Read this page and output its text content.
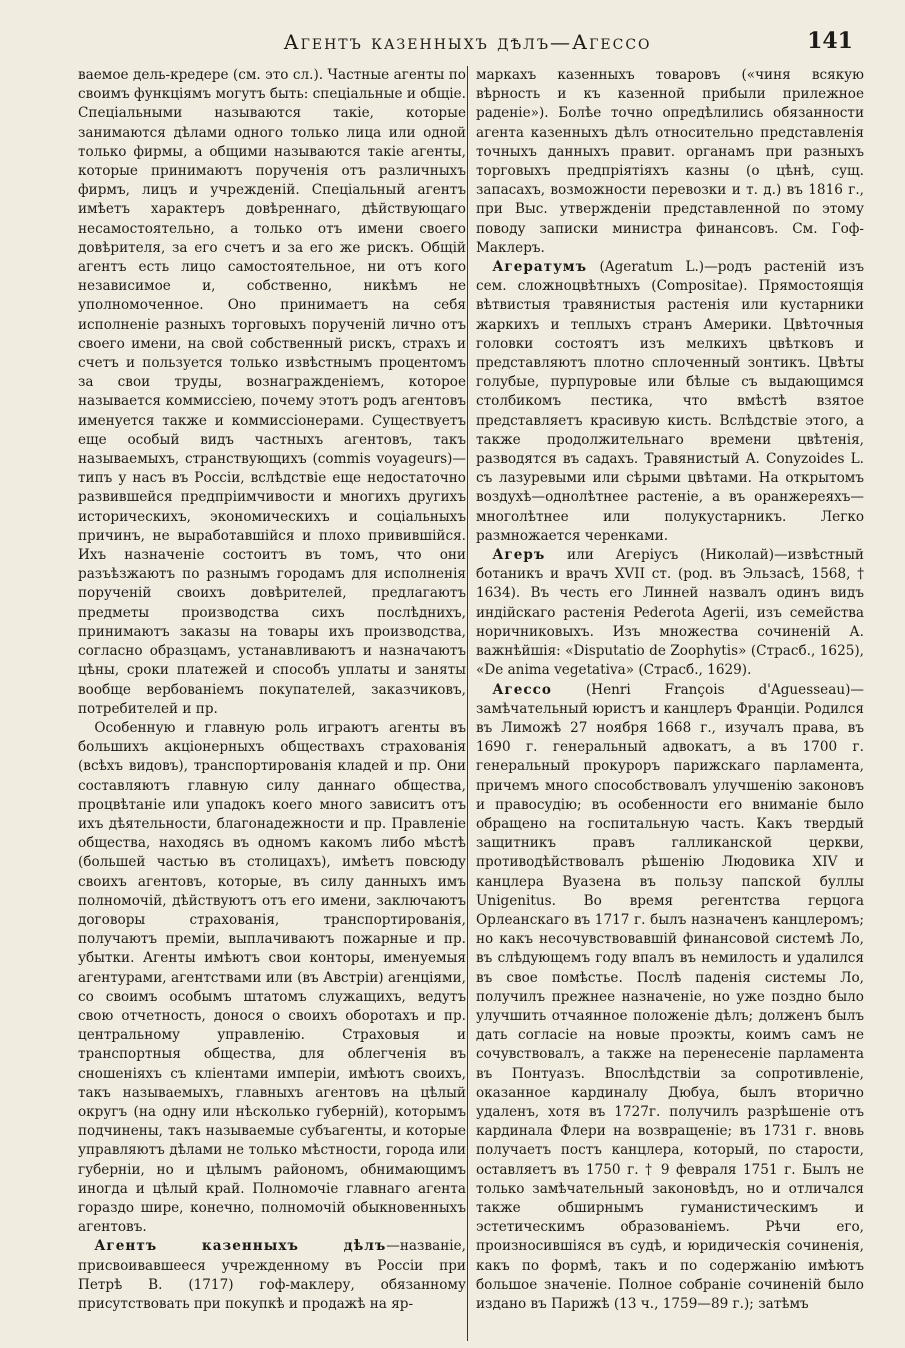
Агентъ казенныхъ дѣлъ—Агессо	141

ваемое дель-кредере (см. это сл.). Частные агенты по своимъ функціямъ могутъ быть: спеціальные и общіе. Спеціальными называются такіе, которые занимаются дѣлами одного только лица или одной только фирмы, а общими называются такіе агенты, которые принимаютъ порученія отъ различныхъ фирмъ, лицъ и учрежденій. Спеціальный агентъ имѣетъ характеръ довѣреннаго, дѣйствующаго несамостоятельно, а только отъ имени своего довѣрителя, за его счетъ и за его же рискъ. Общій агентъ есть лицо самостоятельное, ни отъ кого независимое и, собственно, никѣмъ не уполномоченное. Оно принимаетъ на себя исполненіе разныхъ торговыхъ порученій лично отъ своего имени, на свой собственный рискъ, страхъ и счетъ и пользуется только извѣстнымъ процентомъ за свои труды, вознагражденіемъ, которое называется коммиссіею, почему этотъ родъ агентовъ именуется также и коммиссіонерами. Существуетъ еще особый видъ частныхъ агентовъ, такъ называемыхъ, странствующихъ (commis voyageurs)—типъ у насъ въ Россіи, вслѣдствіе еще недостаточно развившейся предпріимчивости и многихъ другихъ историческихъ, экономическихъ и соціальныхъ причинъ, не выработавшійся и плохо привившійся. Ихъ назначеніе состоитъ въ томъ, что они разъѣзжаютъ по разнымъ городамъ для исполненія порученій своихъ довѣрителей, предлагаютъ предметы производства сихъ послѣднихъ, принимаютъ заказы на товары ихъ производства, согласно образцамъ, устанавливаютъ и назначаютъ цѣны, сроки платежей и способъ уплаты и заняты вообще вербованіемъ покупателей, заказчиковъ, потребителей и пр.

Особенную и главную роль играютъ агенты въ большихъ акціонерныхъ обществахъ страхованія (всѣхъ видовъ), транспортированія кладей и пр. Они составляютъ главную силу даннаго общества, процвѣтаніе или упадокъ коего много зависитъ отъ ихъ дѣятельности, благонадежности и пр. Правленіе общества, находясь въ одномъ какомъ либо мѣстѣ (большей частью въ столицахъ), имѣетъ повсюду своихъ агентовъ, которые, въ силу данныхъ имъ полномочій, дѣйствуютъ отъ его имени, заключаютъ договоры страхованія, транспортированія, получаютъ преміи, выплачиваютъ пожарные и пр. убытки. Агенты имѣютъ свои конторы, именуемыя агентурами, агентствами или (въ Австріи) агенціями, со своимъ особымъ штатомъ служащихъ, ведутъ свою отчетность, донося о своихъ оборотахъ и пр. центральному управленію. Страховыя и транспортныя общества, для облегченія въ сношеніяхъ съ кліентами имперіи, имѣютъ своихъ, такъ называемыхъ, главныхъ агентовъ на цѣлый округъ (на одну или нѣсколько губерній), которымъ подчинены, такъ называемые субъагенты, и которые управляютъ дѣлами не только мѣстности, города или губерніи, но и цѣлымъ райономъ, обнимающимъ иногда и цѣлый край. Полномочіе главнаго агента гораздо шире, конечно, полномочій обыкновенныхъ агентовъ.

Агентъ казенныхъ дѣлъ—названіе, присвоивавшееся учрежденному въ Россіи при Петрѣ В. (1717) гоф-маклеру, обязанному присутствовать при покупкѣ и продажѣ на яр-

маркахъ казенныхъ товаровъ («чиня всякую вѣрность и къ казенной прибыли прилежное раденіе»). Болѣе точно опредѣлились обязанности агента казенныхъ дѣлъ относительно представленія точныхъ данныхъ правит. органамъ при разныхъ торговыхъ предпріятіяхъ казны (о цѣнѣ, сущ. запасахъ, возможности перевозки и т. д.) въ 1816 г., при Выс. утвержденіи представленной по этому поводу записки министра финансовъ. См. Гоф-Маклеръ.

Агератумъ (Ageratum L.)—родъ растеній изъ сем. сложноцвѣтныхъ (Compositae). Прямостоящія вѣтвистыя травянистыя растенія или кустарники жаркихъ и теплыхъ странъ Америки. Цвѣточныя головки состоятъ изъ мелкихъ цвѣтковъ и представляютъ плотно сплоченный зонтикъ. Цвѣты голубые, пурпуровые или бѣлые съ выдающимся столбикомъ пестика, что вмѣстѣ взятое представляетъ красивую кисть. Вслѣдствіе этого, а также продолжительнаго времени цвѣтенія, разводятся въ садахъ. Травянистый A. Conyzoides L. съ лазуревыми или сѣрыми цвѣтами. На открытомъ воздухѣ—однолѣтнее растеніе, а въ оранжереяхъ—многолѣтнее или полукустарникъ. Легко размножается черенками.

Агеръ или Агеріусъ (Николай)—извѣстный ботаникъ и врачъ XVII ст. (род. въ Эльзасѣ, 1568, † 1634). Въ честь его Линней назвалъ одинъ видъ индійскаго растенія Pederota Agerii, изъ семейства норичниковыхъ. Изъ множества сочиненій А. важнѣйшія: «Disputatio de Zoophytis» (Страсб., 1625), «De anima vegetativa» (Страсб., 1629).

Агессо (Henri François d'Aguesseau)—замѣчательный юристъ и канцлеръ Франціи. Родился въ Лиможѣ 27 ноября 1668 г., изучалъ права, въ 1690 г. генеральный адвокатъ, а въ 1700 г. генеральный прокуроръ парижскаго парламента, причемъ много способствовалъ улучшенію законовъ и правосудію; въ особенности его вниманіе было обращено на госпитальную часть. Какъ твердый защитникъ правъ галликанской церкви, противодѣйствовалъ рѣшенію Людовика XIV и канцлера Вуазена въ пользу папской буллы Unigenitus. Во время регентства герцога Орлеанскаго въ 1717 г. былъ назначенъ канцлеромъ; но какъ несочувствовавшій финансовой системѣ Ло, въ слѣдующемъ году впалъ въ немилость и удалился въ свое помѣстье. Послѣ паденія системы Ло, получилъ прежнее назначеніе, но уже поздно было улучшить отчаянное положеніе дѣлъ; долженъ былъ дать согласіе на новые проэкты, коимъ самъ не сочувствовалъ, а также на перенесеніе парламента въ Понтуазъ. Впослѣдствіи за сопротивленіе, оказанное кардиналу Дюбуа, былъ вторично удаленъ, хотя въ 1727г. получилъ разрѣшеніе отъ кардинала Флери на возвращеніе; въ 1731 г. вновь получаетъ постъ канцлера, который, по старости, оставляетъ въ 1750 г. † 9 февраля 1751 г. Былъ не только замѣчательный законовѣдъ, но и отличался также обширнымъ гуманистическимъ и эстетическимъ образованіемъ. Рѣчи его, произносившіяся въ судѣ, и юридическія сочиненія, какъ по формѣ, такъ и по содержанію имѣютъ большое значеніе. Полное собраніе сочиненій было издано въ Парижѣ (13 ч., 1759—89 г.); затѣмъ
